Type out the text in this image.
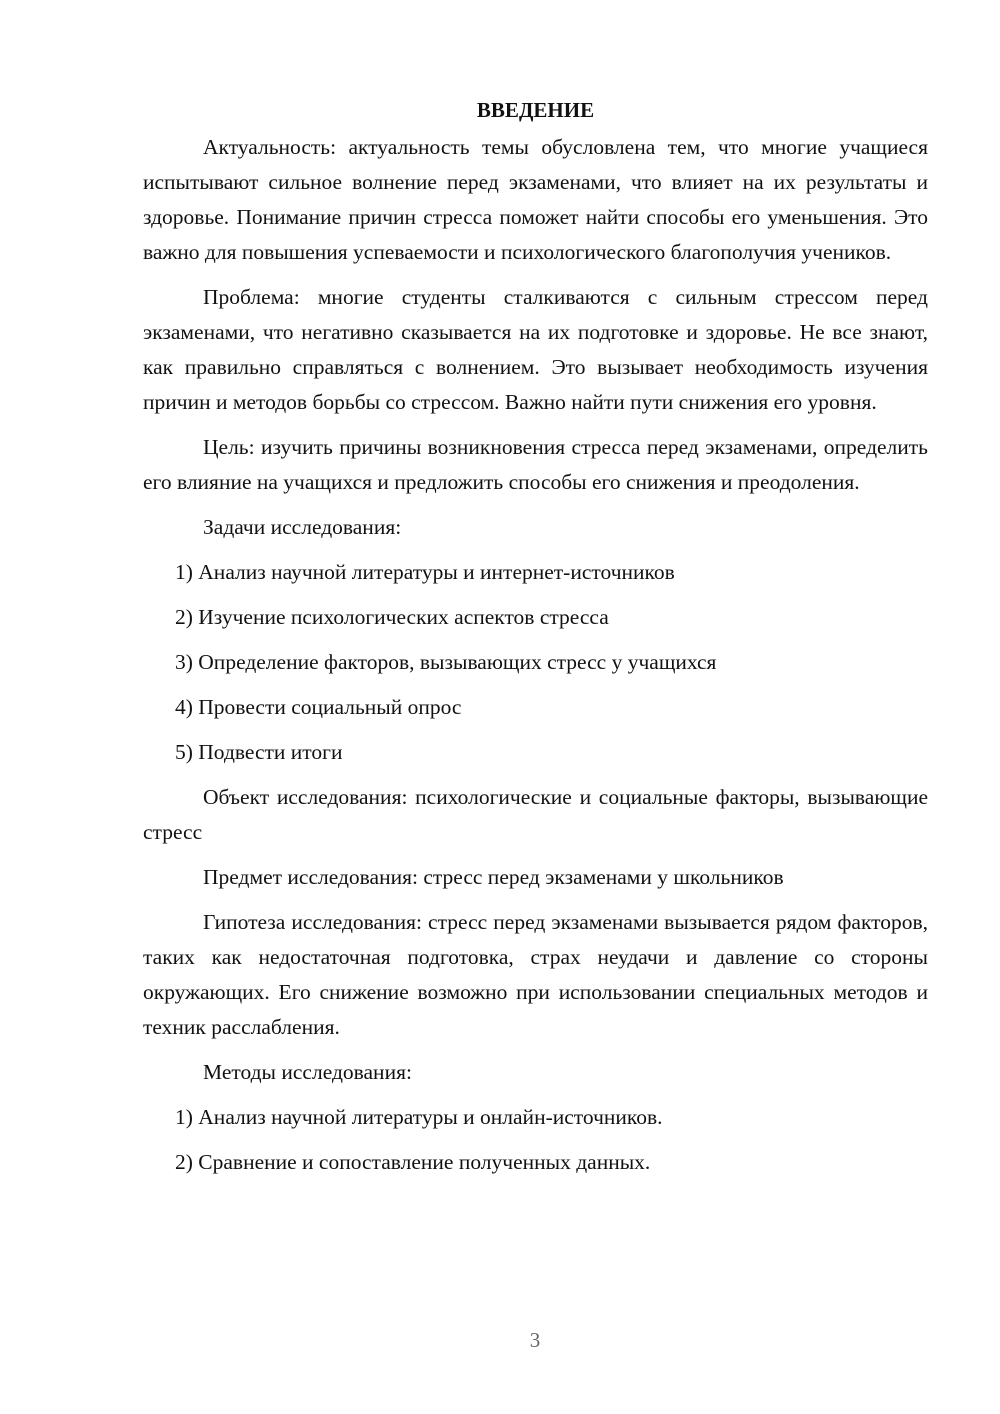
ВВЕДЕНИЕ

Актуальность: актуальность темы обусловлена тем, что многие учащиеся испытывают сильное волнение перед экзаменами, что влияет на их результаты и здоровье. Понимание причин стресса поможет найти способы его уменьшения. Это важно для повышения успеваемости и психологического благополучия учеников.

Проблема: многие студенты сталкиваются с сильным стрессом перед экзаменами, что негативно сказывается на их подготовке и здоровье. Не все знают, как правильно справляться с волнением. Это вызывает необходимость изучения причин и методов борьбы со стрессом. Важно найти пути снижения его уровня.

Цель: изучить причины возникновения стресса перед экзаменами, определить его влияние на учащихся и предложить способы его снижения и преодоления.

Задачи исследования:

1) Анализ научной литературы и интернет-источников
2) Изучение психологических аспектов стресса
3) Определение факторов, вызывающих стресс у учащихся
4) Провести социальный опрос
5) Подвести итоги

Объект исследования: психологические и социальные факторы, вызывающие стресс

Предмет исследования: стресс перед экзаменами у школьников

Гипотеза исследования: стресс перед экзаменами вызывается рядом факторов, таких как недостаточная подготовка, страх неудачи и давление со стороны окружающих. Его снижение возможно при использовании специальных методов и техник расслабления.

Методы исследования:

1) Анализ научной литературы и онлайн-источников.
2) Сравнение и сопоставление полученных данных.
3
